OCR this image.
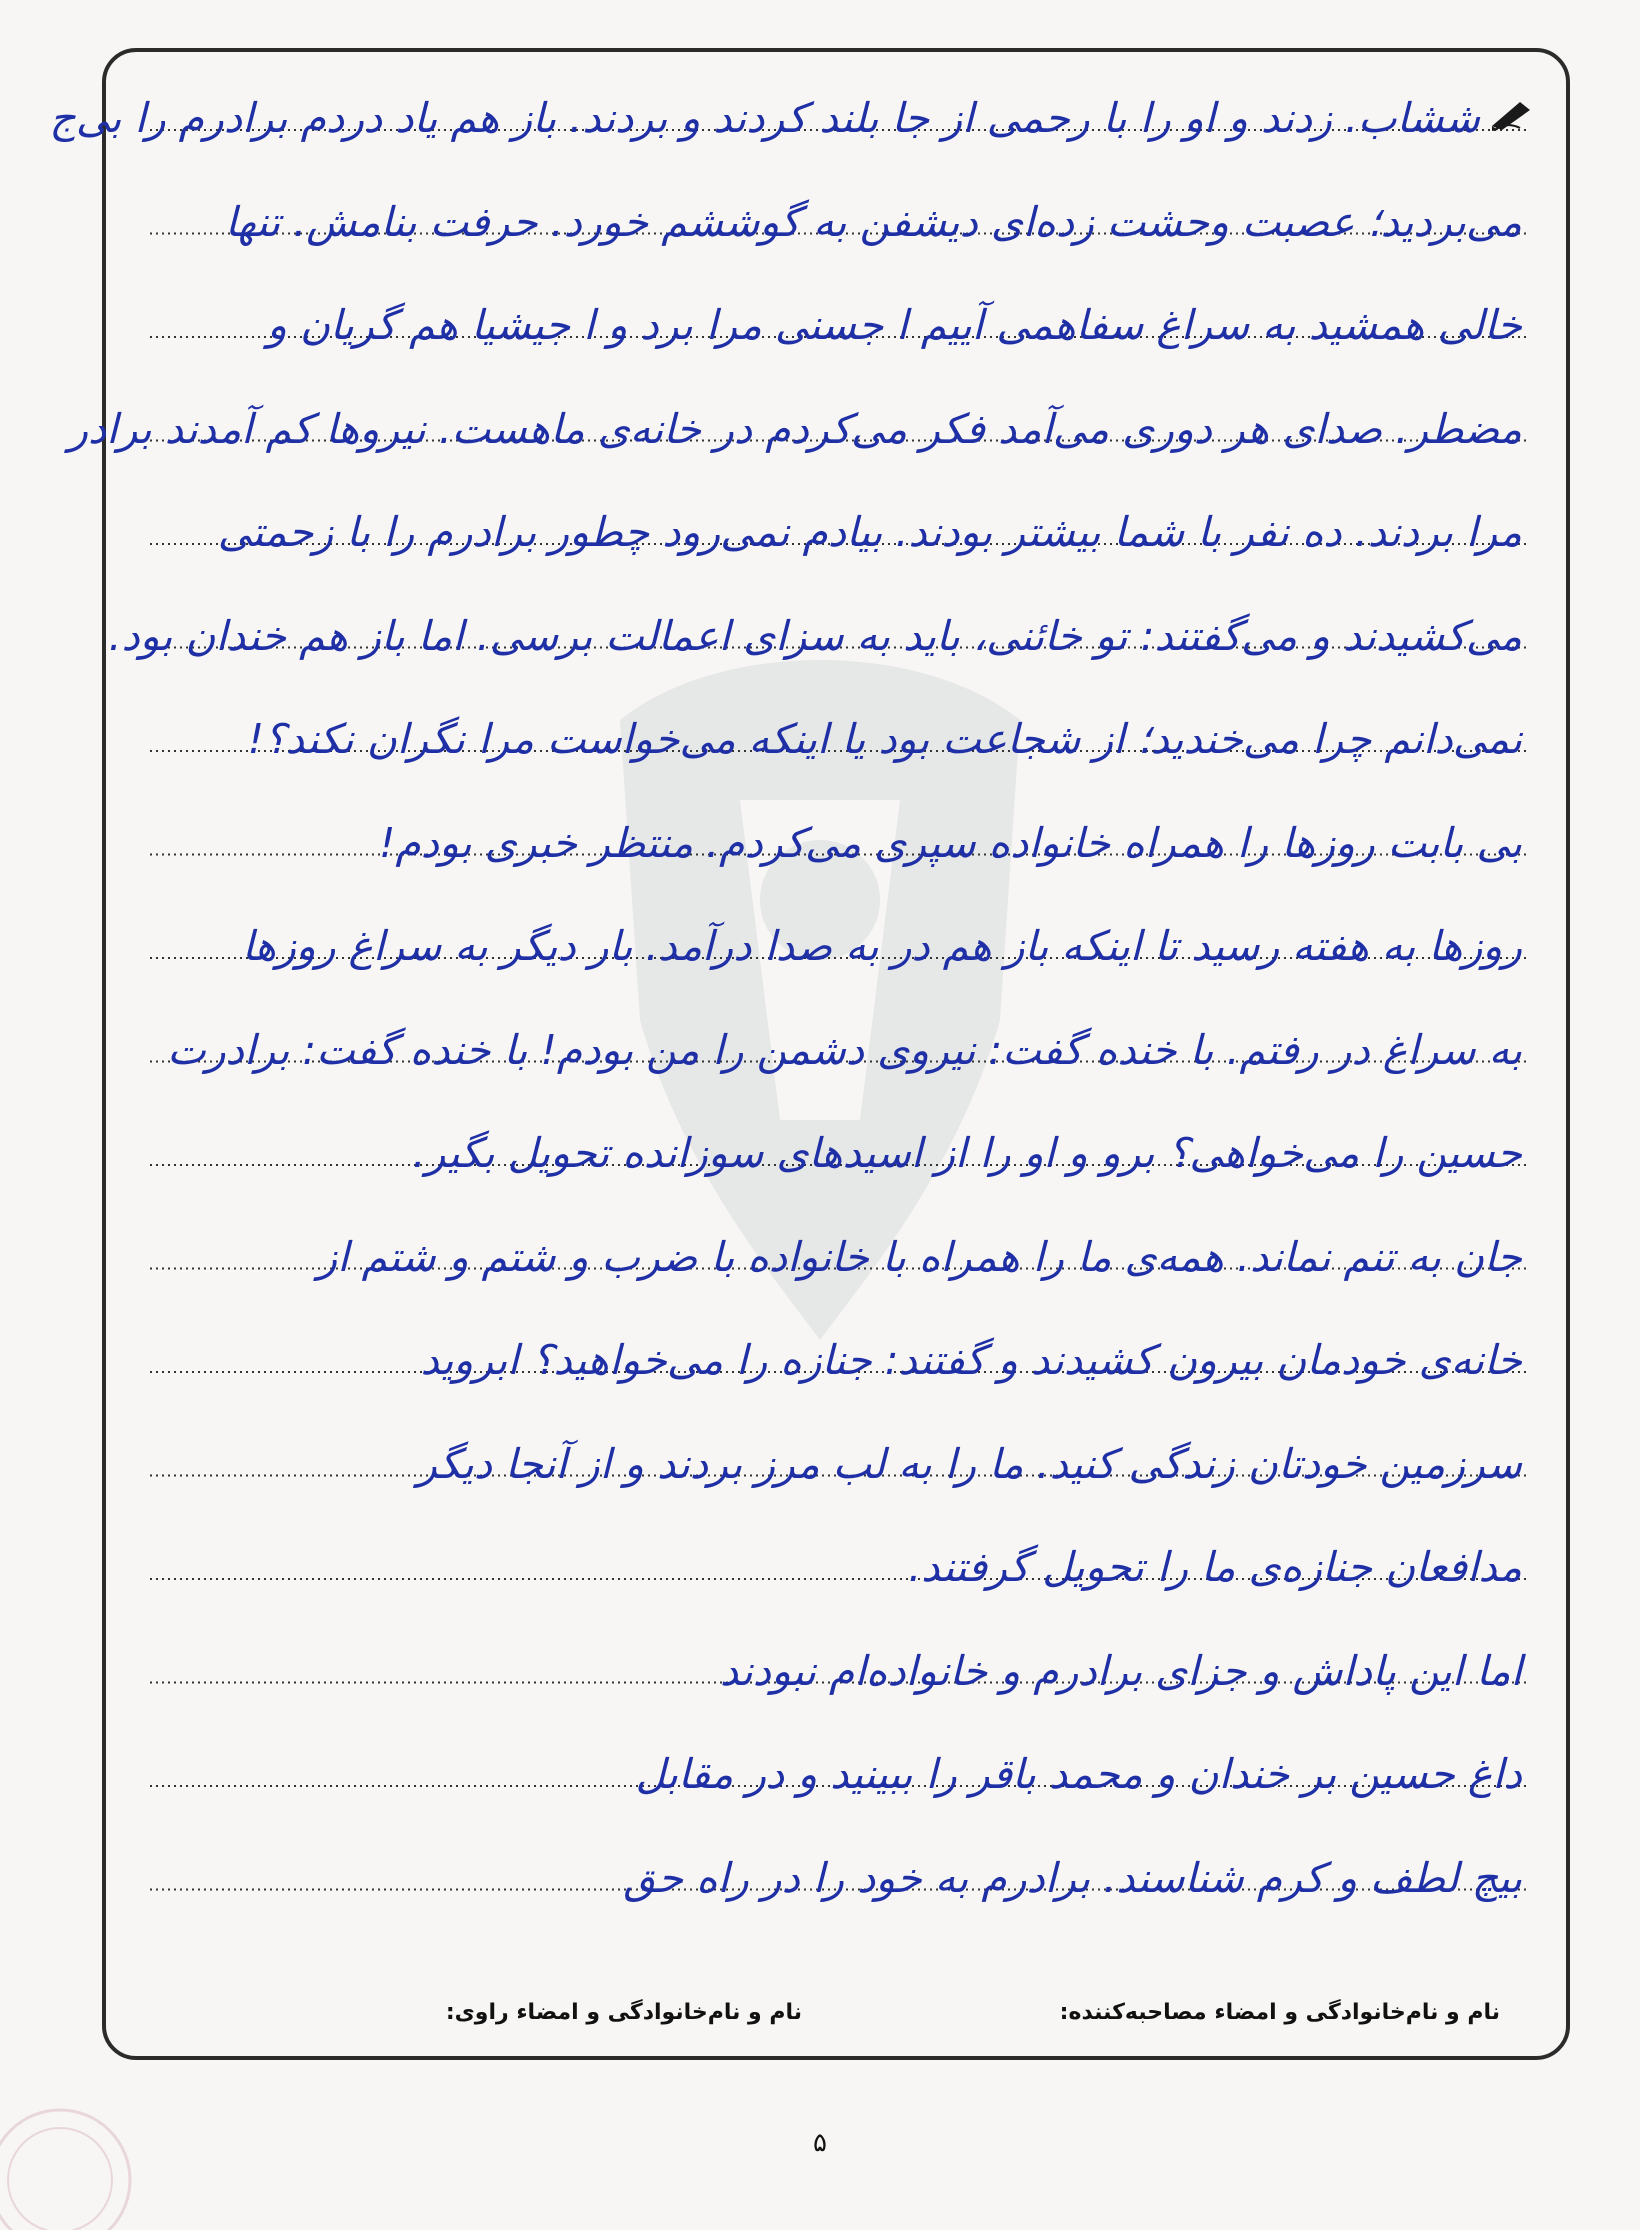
ششاب. زدند و او را با رحمی از جا بلند کردند و بردند. باز هم یاد دردم برادرم را بی‌ج
می‌بردید؛ عصبت وحشت زده‌ای دیشفن به گوششم خورد. حرفت بنامش. تنها
خالی همشید به سراغ سفاهمی آییم ا جسنی مرا برد و ا جیشیا هم گریان و
مضطر. صدای هر دوری می‌آمد فکر می‌کردم در خانه‌ی ماهست. نیروها کم آمدند برادر
مرا بردند. ده نفر با شما بیشتر بودند. بیادم نمی‌رود چطور برادرم را با زحمتی
می‌کشیدند و می‌گفتند: تو خائنی، باید به سزای اعمالت برسی. اما باز هم خندان بود.
نمی‌دانم چرا می‌خندید؛ از شجاعت بود یا اینکه می‌خواست مرا نگران نکند؟!
بی‌ بابت روزها را همراه خانواده سپری می‌کردم. منتظر خبری بودم!
روزها به هفته رسید تا اینکه باز هم در به صدا درآمد. بار دیگر به سراغ روزها
به سراغ در رفتم. با خنده گفت: نیروی دشمن را من بودم! با خنده گفت: برادرت
حسین را می‌خواهی؟ برو و او را از اسیدهای سوزانده تحویل بگیر.
جان به تنم نماند. همه‌ی ما را همراه با خانواده با ضرب و شتم و شتم از
خانه‌ی خودمان بیرون کشیدند و گفتند: جنازه را می‌خواهید؟ ابروید
سرزمین خودتان زندگی کنید. ما را به لب مرز بردند و از آنجا دیگر
مدافعان جنازه‌ی ما را تحویل گرفتند.
اما این پاداش و جزای برادرم و خانواده‌ام نبودند
داغ حسین بر خندان و محمد باقر را ببینید و در مقابل
بیچ لطف و کرم شناسند. برادرم به خود را در راه حق
نام و نام‌خانوادگی و امضاء مصاحبه‌کننده:
نام و نام‌خانوادگی و امضاء راوی:
۵
